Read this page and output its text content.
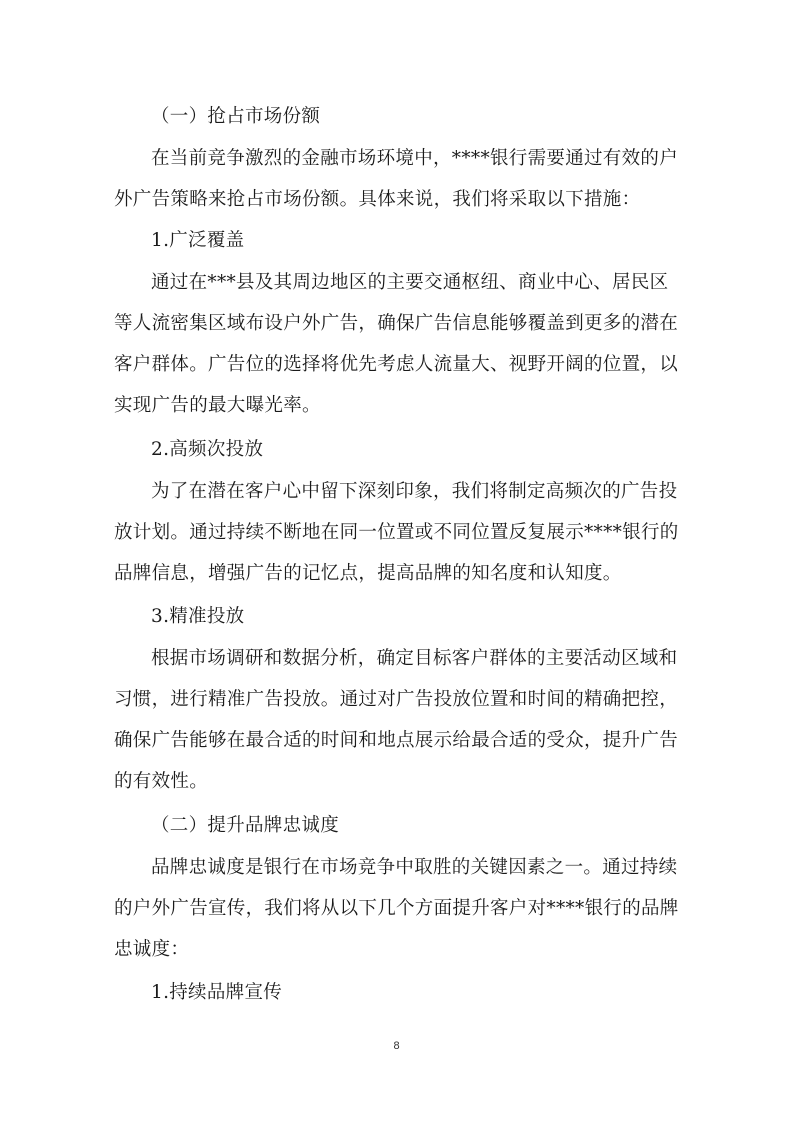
（一）抢占市场份额

在当前竞争激烈的金融市场环境中，****银行需要通过有效的户外广告策略来抢占市场份额。具体来说，我们将采取以下措施：

1.广泛覆盖

通过在***县及其周边地区的主要交通枢纽、商业中心、居民区等人流密集区域布设户外广告，确保广告信息能够覆盖到更多的潜在客户群体。广告位的选择将优先考虑人流量大、视野开阔的位置，以实现广告的最大曝光率。

2.高频次投放

为了在潜在客户心中留下深刻印象，我们将制定高频次的广告投放计划。通过持续不断地在同一位置或不同位置反复展示****银行的品牌信息，增强广告的记忆点，提高品牌的知名度和认知度。

3.精准投放

根据市场调研和数据分析，确定目标客户群体的主要活动区域和习惯，进行精准广告投放。通过对广告投放位置和时间的精确把控，确保广告能够在最合适的时间和地点展示给最合适的受众，提升广告的有效性。

（二）提升品牌忠诚度

品牌忠诚度是银行在市场竞争中取胜的关键因素之一。通过持续的户外广告宣传，我们将从以下几个方面提升客户对****银行的品牌忠诚度：

1.持续品牌宣传

8
